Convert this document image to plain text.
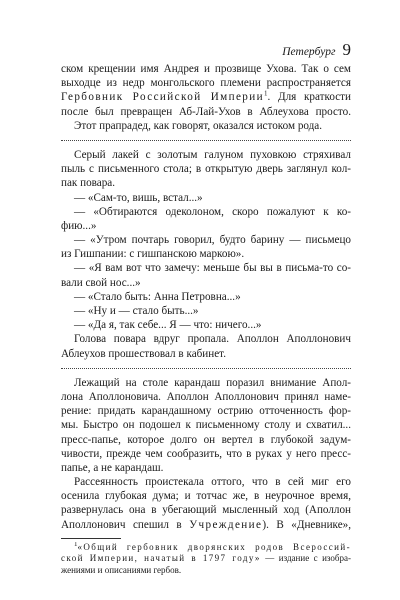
Петербург 9
ском крещении имя Андрея и прозвище Ухова. Так о сем
выходце из недр монгольского племени распространяется
Гербовник Российской Империи$^1$. Для краткости
после был превращен Аб-Лай-Ухов в Аблеухова просто.
Этот прапрадед, как говорят, оказался истоком рода.
Серый лакей с золотым галуном пуховкою стряхивал
пыль с письменного стола; в открытую дверь заглянул кол-
пак повара.
— «Сам-то, вишь, встал...»
— «Обтираются одеколоном, скоро пожалуют к ко-
фию...»
— «Утром почтарь говорил, будто барину — письмецо
из Гишпании: с гишпанскою маркою».
— «Я вам вот что замечу: меньше бы вы в письма-то со-
вали свой нос...»
— «Стало быть: Анна Петровна...»
— «Ну и — стало быть...»
— «Да я, так себе... Я — что: ничего...»
Голова повара вдруг пропала. Аполлон Аполлонович
Аблеухов прошествовал в кабинет.
Лежащий на столе карандаш поразил внимание Апол-
лона Аполлоновича. Аполлон Аполлонович принял наме-
рение: придать карандашному острию отточенность фор-
мы. Быстро он подошел к письменному столу и схватил...
пресс-папье, которое долго он вертел в глубокой задум-
чивости, прежде чем сообразить, что в руках у него пресс-
папье, а не карандаш.
Рассеянность проистекала оттого, что в сей миг его
осенила глубокая дума; и тотчас же, в неурочное время,
развернулась она в убегающий мысленный ход (Аполлон
Аполлонович спешил в Учреждение). В «Дневнике»,
$^1$«Общий гербовник дворянских родов Всероссий-
ской Империи, начатый в 1797 году» — издание с изобра-
жениями и описаниями гербов.
